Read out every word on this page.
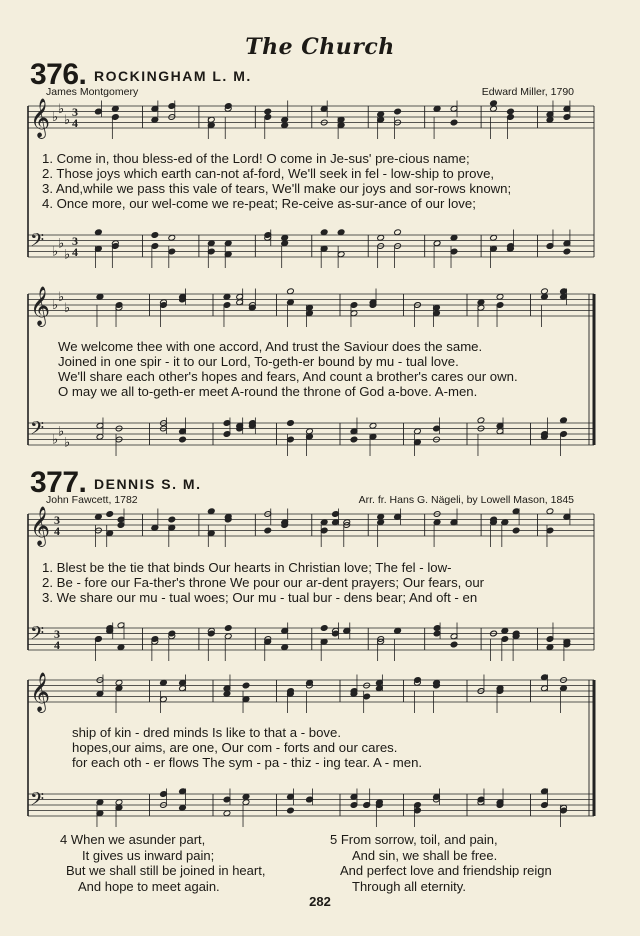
The Church
376. ROCKINGHAM L. M.
James Montgomery	Edward Miller, 1790
𝄞 ♭
♭
♭
3
4
𝄢 ♭
♭
♭
3
4
1. Come in, thou bless-ed of the Lord! O come in Je-sus' pre-cious name;
2. Those joys which earth can-not af-ford, We'll seek in fel - low-ship to prove,
3. And,while we pass this vale of tears, We'll make our joys and sor-rows known;
4. Once more, our wel-come we re-peat; Re-ceive as-sur-ance of our love;
𝄞 ♭
♭
♭
𝄢 ♭
♭
♭
We welcome thee with one accord, And trust the Saviour does the same.
Joined in one spir - it to our Lord, To-geth-er bound by mu - tual love.
We'll share each other's hopes and fears, And count a brother's cares our own.
O may we all to-geth-er meet A-round the throne of God a-bove. A-men.
377. DENNIS S. M.
John Fawcett, 1782	Arr. fr. Hans G. Nägeli, by Lowell Mason, 1845
𝄞 3
4
𝄢 3
4
1. Blest be the tie that binds Our hearts in Christian love; The fel - low-
2. Be - fore our Fa-ther's throne We pour our ar-dent prayers; Our fears, our
3. We share our mu - tual woes; Our mu - tual bur - dens bear; And oft - en
𝄞
𝄢
ship of kin - dred minds Is like to that a - bove.
hopes,our aims, are one, Our com - forts and our cares.
for each oth - er flows The sym - pa - thiz - ing tear. A - men.
4 When we asunder part,
It gives us inward pain;
But we shall still be joined in heart,
And hope to meet again.
5 From sorrow, toil, and pain,
And sin, we shall be free.
And perfect love and friendship reign
Through all eternity.
282
